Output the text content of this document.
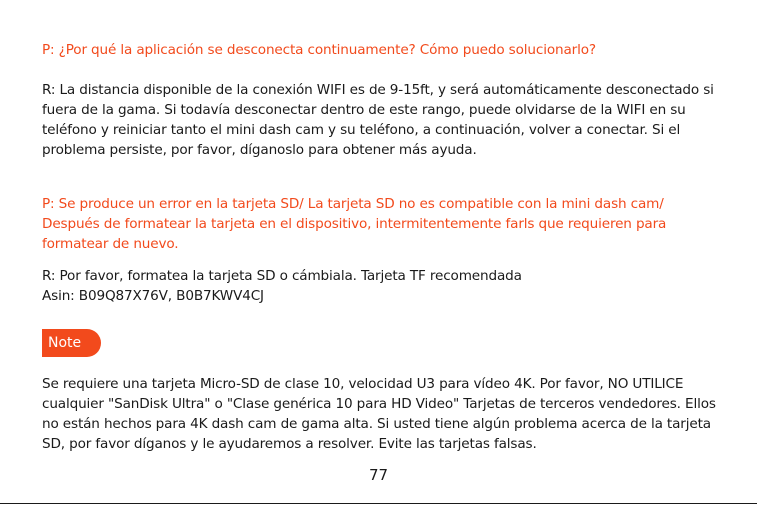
P: ¿Por qué la aplicación se desconecta continuamente? Cómo puedo solucionarlo?

R: La distancia disponible de la conexión WIFI es de 9-15ft, y será automáticamente desconectado si fuera de la gama. Si todavía desconectar dentro de este rango, puede olvidarse de la WIFI en su teléfono y reiniciar tanto el mini dash cam y su teléfono, a continuación, volver a conectar. Si el problema persiste, por favor, díganoslo para obtener más ayuda.

P: Se produce un error en la tarjeta SD/ La tarjeta SD no es compatible con la mini dash cam/ Después de formatear la tarjeta en el dispositivo, intermitentemente farls que requieren para formatear de nuevo.

R: Por favor, formatea la tarjeta SD o cámbiala. Tarjeta TF recomendada
Asin: B09Q87X76V, B0B7KWV4CJ

Note

Se requiere una tarjeta Micro-SD de clase 10, velocidad U3 para vídeo 4K. Por favor, NO UTILICE cualquier "SanDisk Ultra" o "Clase genérica 10 para HD Video" Tarjetas de terceros vendedores. Ellos no están hechos para 4K dash cam de gama alta. Si usted tiene algún problema acerca de la tarjeta SD, por favor díganos y le ayudaremos a resolver. Evite las tarjetas falsas.

77
